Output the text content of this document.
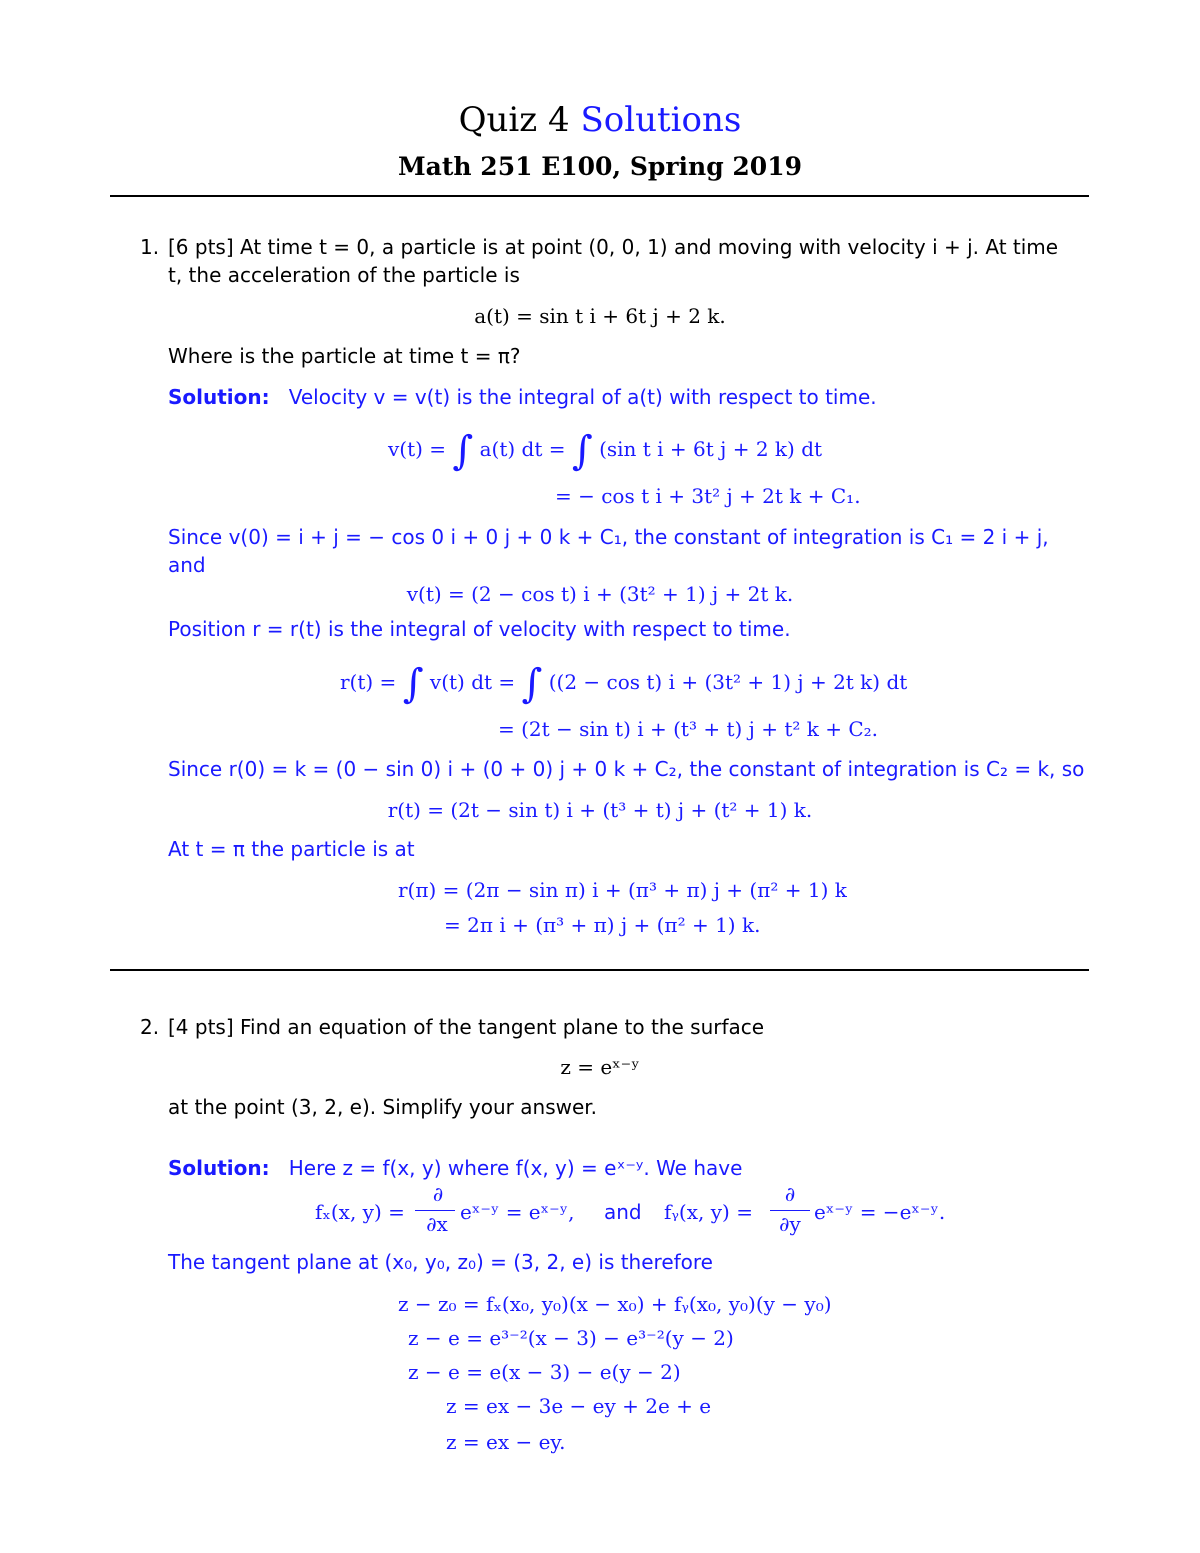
Quiz 4 Solutions
Math 251 E100, Spring 2019
1. [6 pts] At time t = 0, a particle is at point (0, 0, 1) and moving with velocity i + j. At time
t, the acceleration of the particle is
a(t) = sin t i + 6t j + 2 k.
Where is the particle at time t = π?
Solution: Velocity v = v(t) is the integral of a(t) with respect to time.
v(t) = ∫ a(t) dt = ∫ (sin t i + 6t j + 2 k) dt
= − cos t i + 3t² j + 2t k + C₁.
Since v(0) = i + j = − cos 0 i + 0 j + 0 k + C₁, the constant of integration is C₁ = 2 i + j,
and
v(t) = (2 − cos t) i + (3t² + 1) j + 2t k.
Position r = r(t) is the integral of velocity with respect to time.
r(t) = ∫ v(t) dt = ∫ ((2 − cos t) i + (3t² + 1) j + 2t k) dt
= (2t − sin t) i + (t³ + t) j + t² k + C₂.
Since r(0) = k = (0 − sin 0) i + (0 + 0) j + 0 k + C₂, the constant of integration is C₂ = k, so
r(t) = (2t − sin t) i + (t³ + t) j + (t² + 1) k.
At t = π the particle is at
r(π) = (2π − sin π) i + (π³ + π) j + (π² + 1) k
= 2π i + (π³ + π) j + (π² + 1) k.
2. [4 pts] Find an equation of the tangent plane to the surface
z = eˣ⁻ʸ
at the point (3, 2, e). Simplify your answer.
Solution: Here z = f(x, y) where f(x, y) = eˣ⁻ʸ. We have
fₓ(x, y) =
∂
∂x eˣ⁻ʸ = eˣ⁻ʸ, and fᵧ(x, y) =
∂
∂y eˣ⁻ʸ = −eˣ⁻ʸ.
The tangent plane at (x₀, y₀, z₀) = (3, 2, e) is therefore
z − z₀ = fₓ(x₀, y₀)(x − x₀) + fᵧ(x₀, y₀)(y − y₀)
z − e = e³⁻²(x − 3) − e³⁻²(y − 2)
z − e = e(x − 3) − e(y − 2)
z = ex − 3e − ey + 2e + e
z = ex − ey.
